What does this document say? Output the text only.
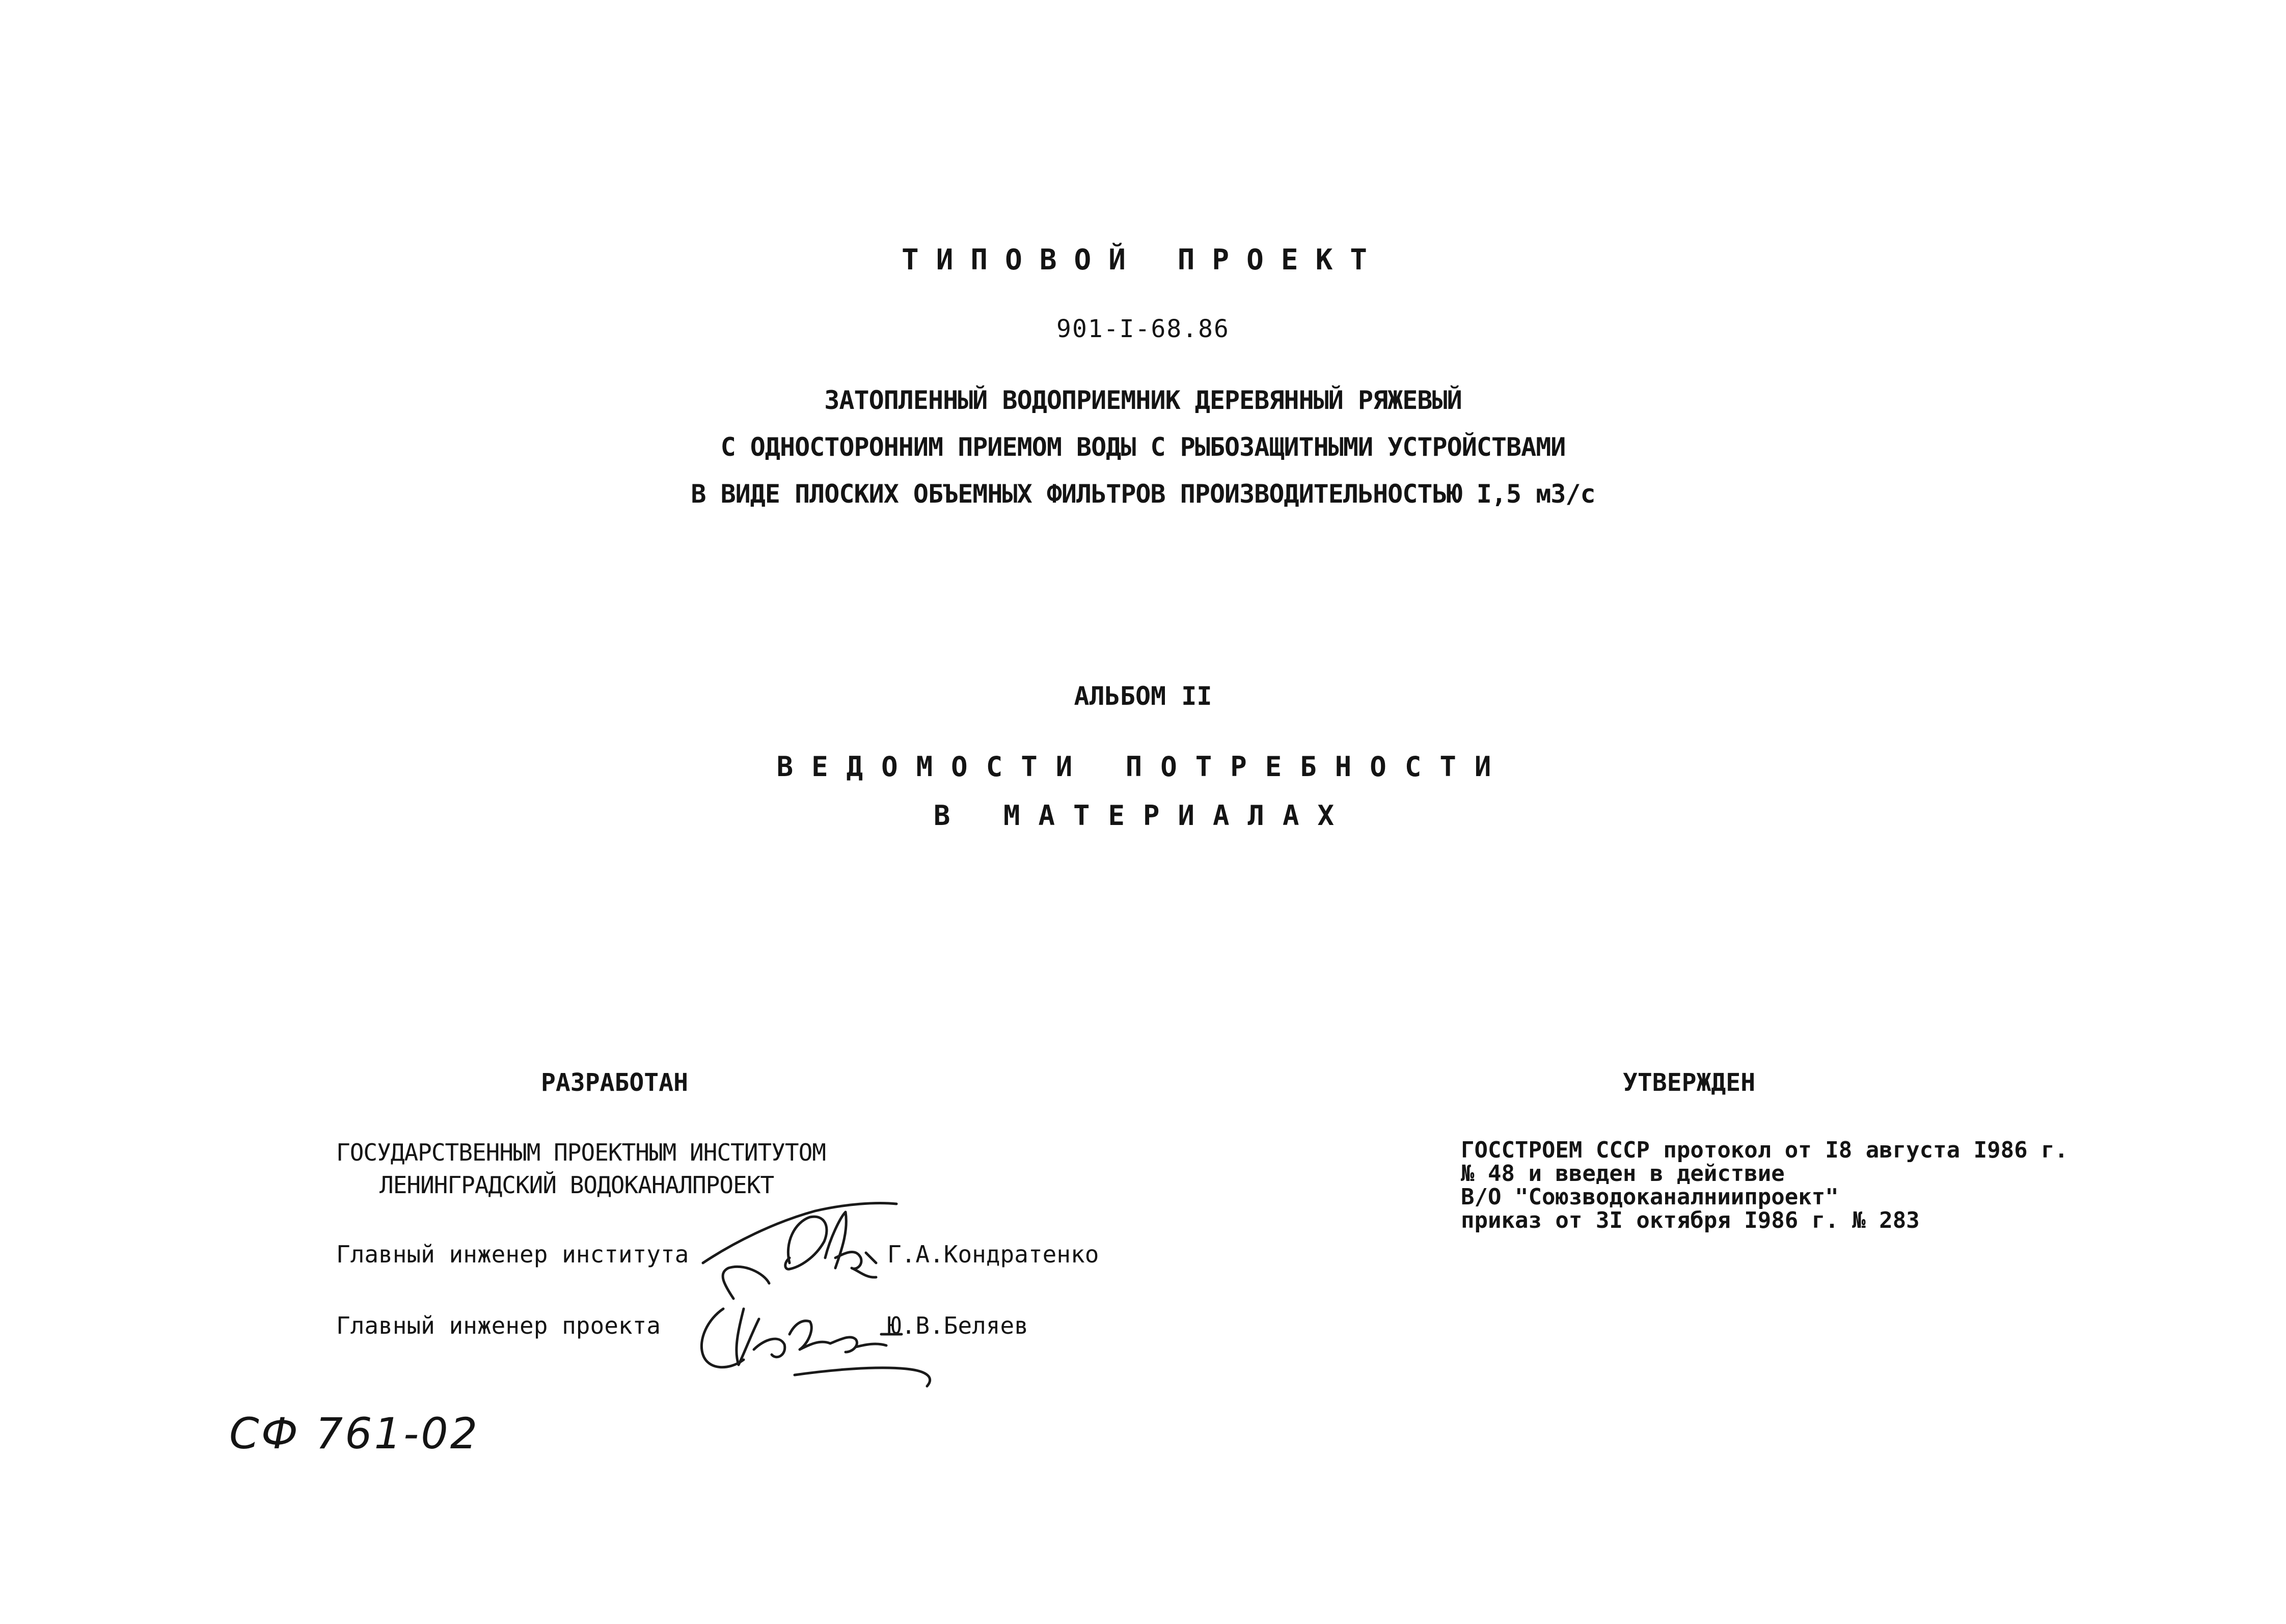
ТИПОВОЙ ПРОЕКТ
901-I-68.86
ЗАТОПЛЕННЫЙ ВОДОПРИЕМНИК ДЕРЕВЯННЫЙ РЯЖЕВЫЙ
С ОДНОСТОРОННИМ ПРИЕМОМ ВОДЫ С РЫБОЗАЩИТНЫМИ УСТРОЙСТВАМИ
В ВИДЕ ПЛОСКИХ ОБЪЕМНЫХ ФИЛЬТРОВ ПРОИЗВОДИТЕЛЬНОСТЬЮ I,5 м3/с
АЛЬБОМ II
ВЕДОМОСТИ ПОТРЕБНОСТИ
В МАТЕРИАЛАХ
РАЗРАБОТАН
ГОСУДАРСТВЕННЫМ ПРОЕКТНЫМ ИНСТИТУТОМ
ЛЕНИНГРАДСКИЙ ВОДОКАНАЛПРОЕКТ
Главный инженер института	Г.А.Кондратенко
Главный инженер проекта	Ю.В.Беляев
УТВЕРЖДЕН
ГОССТРОЕМ СССР протокол от I8 августа I986 г.
№ 48 и введен в действие
В/О "Союзводоканалниипроект"
приказ от 3I октября I986 г. № 283
СФ 761-02
